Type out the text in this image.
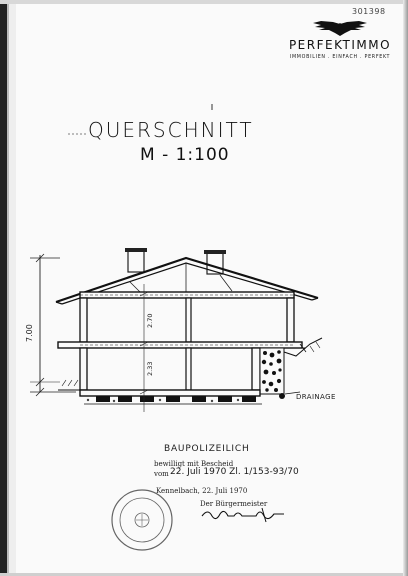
301398
PERFEKTIMMO
IMMOBILIEN . EINFACH . PERFEKT
7.00
2.70
2.33
DRAINAGE
QUERSCHNITT
M - 1:100
BAUPOLIZEILICH
bewilligt mit Bescheid
vom 22. Juli 1970 Zl. 1/153-93/70
Kennelbach, 22. Juli 1970
Der Bürgermeister
